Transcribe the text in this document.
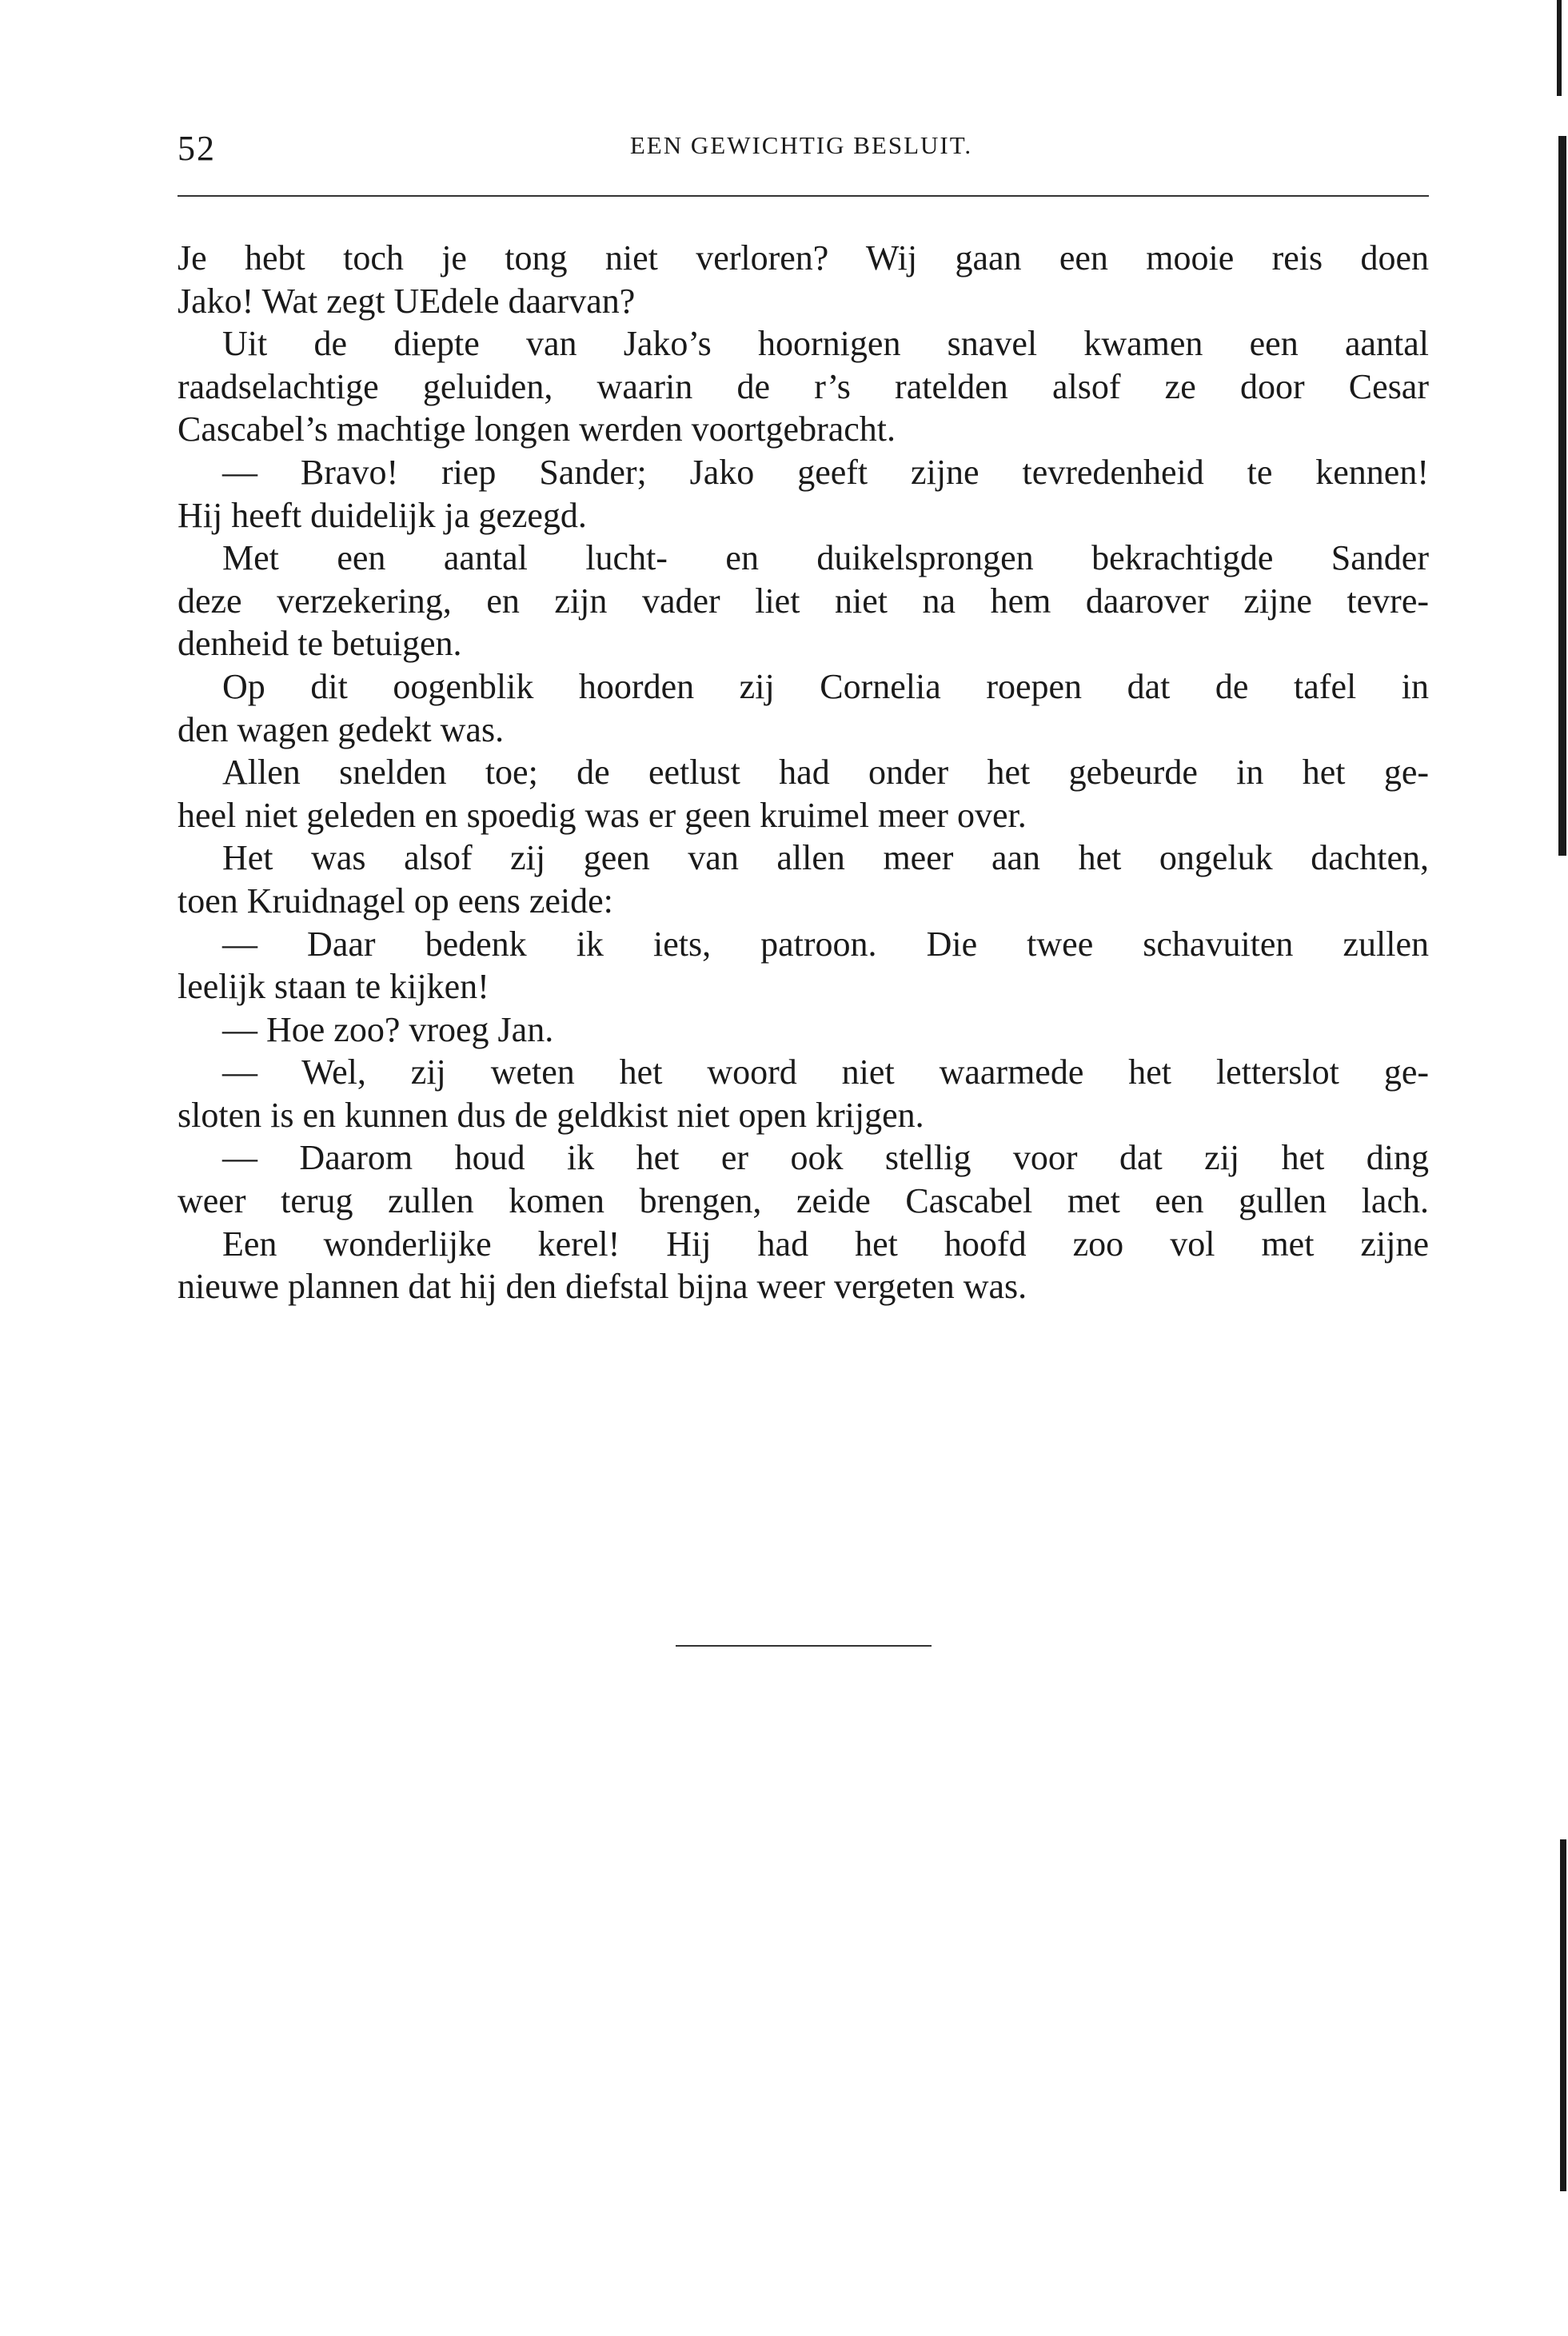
52	EEN GEWICHTIG BESLUIT.
Je hebt toch je tong niet verloren? Wij gaan een mooie reis doen
Jako! Wat zegt UEdele daarvan?
Uit de diepte van Jako’s hoornigen snavel kwamen een aantal
raadselachtige geluiden, waarin de r’s ratelden alsof ze door Cesar
Cascabel’s machtige longen werden voortgebracht.
— Bravo! riep Sander; Jako geeft zijne tevredenheid te kennen!
Hij heeft duidelijk ja gezegd.
Met een aantal lucht- en duikelsprongen bekrachtigde Sander
deze verzekering, en zijn vader liet niet na hem daarover zijne tevre-
denheid te betuigen.
Op dit oogenblik hoorden zij Cornelia roepen dat de tafel in
den wagen gedekt was.
Allen snelden toe; de eetlust had onder het gebeurde in het ge-
heel niet geleden en spoedig was er geen kruimel meer over.
Het was alsof zij geen van allen meer aan het ongeluk dachten,
toen Kruidnagel op eens zeide:
— Daar bedenk ik iets, patroon. Die twee schavuiten zullen
leelijk staan te kijken!
— Hoe zoo? vroeg Jan.
— Wel, zij weten het woord niet waarmede het letterslot ge-
sloten is en kunnen dus de geldkist niet open krijgen.
— Daarom houd ik het er ook stellig voor dat zij het ding
weer terug zullen komen brengen, zeide Cascabel met een gullen lach.
Een wonderlijke kerel! Hij had het hoofd zoo vol met zijne
nieuwe plannen dat hij den diefstal bijna weer vergeten was.
